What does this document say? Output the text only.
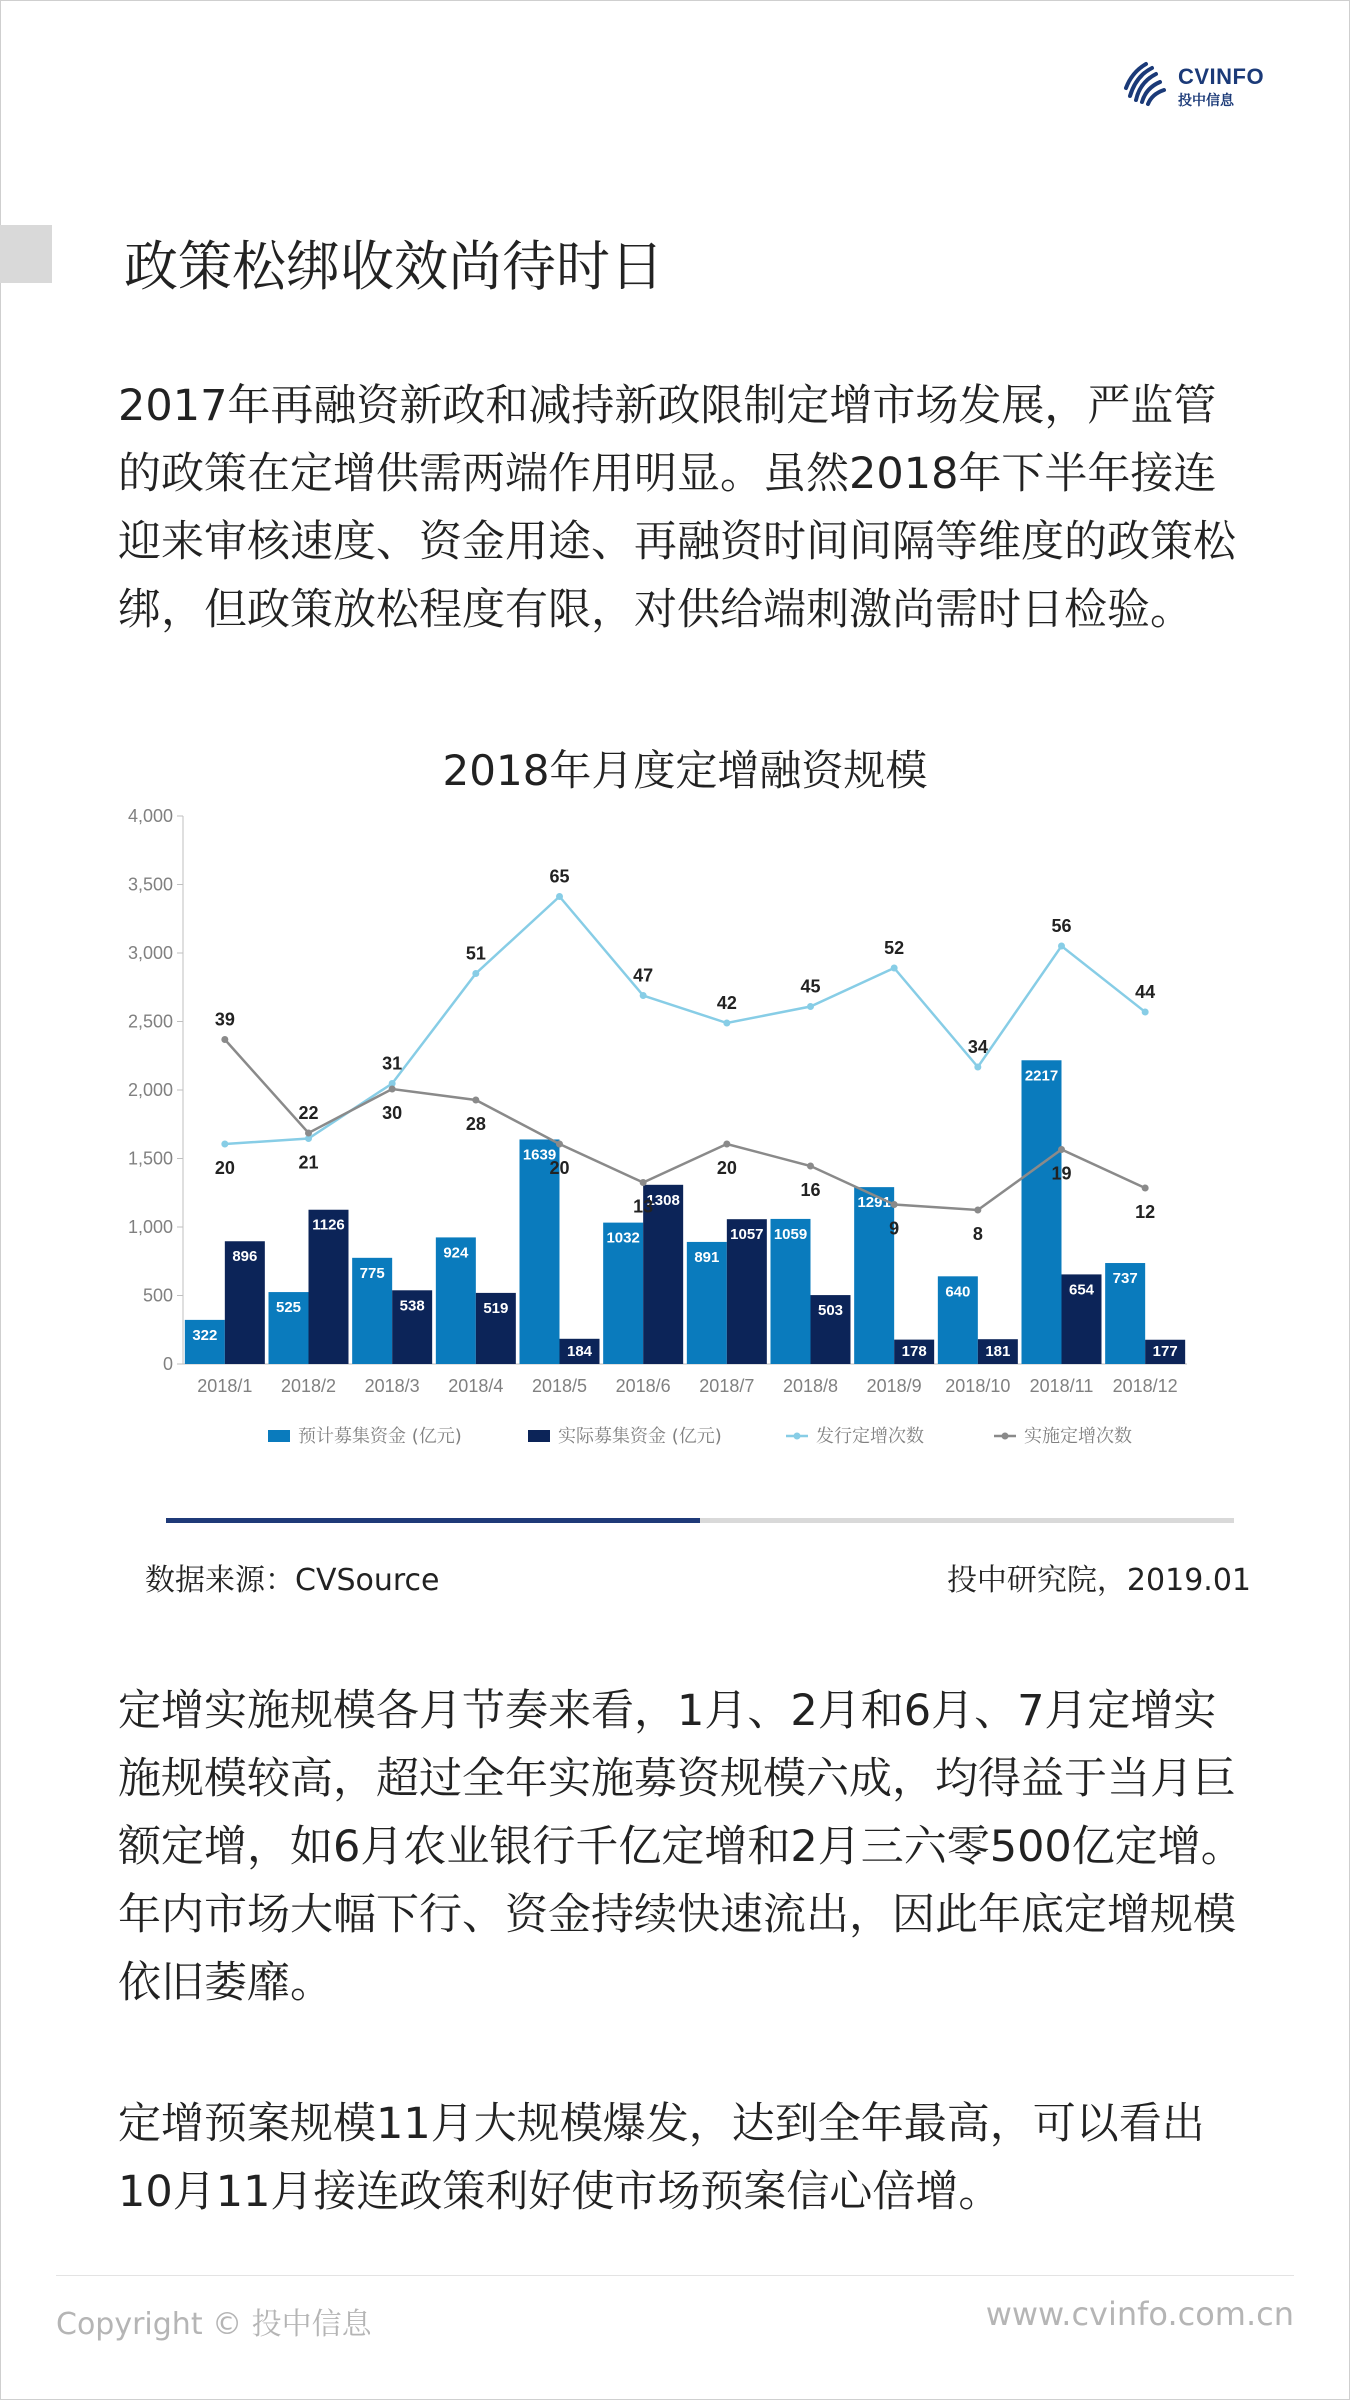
CVINFO
投中信息
政策松绑收效尚待时日

2017年再融资新政和减持新政限制定增市场发展，严监管的政策在定增供需两端作用明显。虽然2018年下半年接连迎来审核速度、资金用途、再融资时间间隔等维度的政策松绑，但政策放松程度有限，对供给端刺激尚需时日检验。

2018年月度定增融资规模
0
500
1,000
1,500
2,000
2,500
3,000
3,500
4,000
322
896
2018/1
525
1126
2018/2
775
538
2018/3
924
519
2018/4
1639
184
2018/5
1032
1308
2018/6
891
1057
2018/7
1059
503
2018/8
1291
178
2018/9
640
181
2018/10
2217
654
2018/11
737
177
2018/12
39
20
22
21
31
30
51
28
65
20
47
13
42
20
45
16
52
9
34
8
56
19
44
12
预计募集资金 (亿元)	实际募集资金 (亿元)	发行定增次数	实施定增次数
数据来源：CVSource	投中研究院，2019.01

定增实施规模各月节奏来看，1月、2月和6月、7月定增实施规模较高，超过全年实施募资规模六成，均得益于当月巨额定增，如6月农业银行千亿定增和2月三六零500亿定增。年内市场大幅下行、资金持续快速流出，因此年底定增规模依旧萎靡。

定增预案规模11月大规模爆发，达到全年最高，可以看出10月11月接连政策利好使市场预案信心倍增。

Copyright © 投中信息	www.cvinfo.com.cn
